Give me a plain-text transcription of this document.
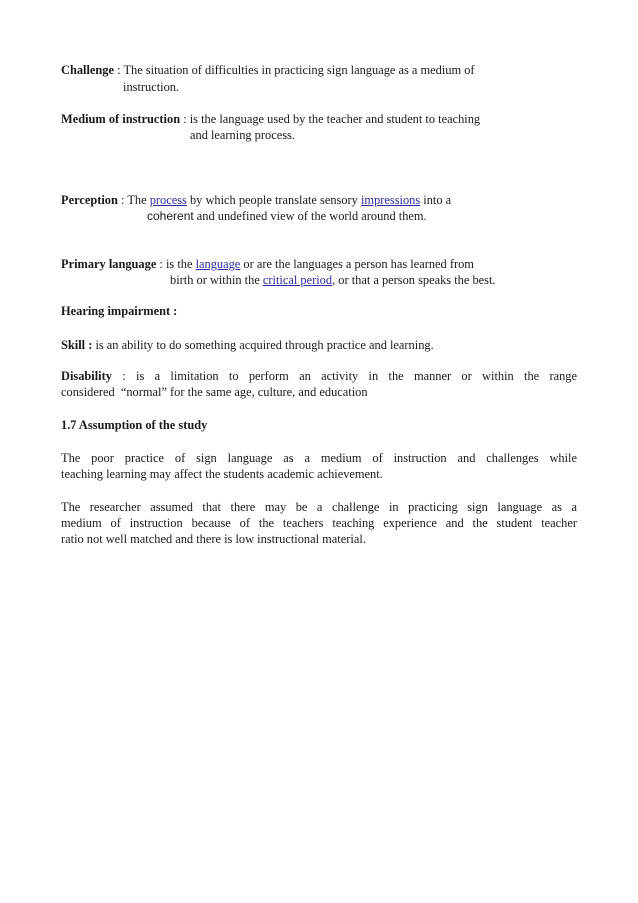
Challenge : The situation of difficulties in practicing sign language as a medium of
instruction.
Medium of instruction : is the language used by the teacher and student to teaching
and learning process.
Perception : The process by which people translate sensory impressions into a
coherent and undefined view of the world around them.
Primary language : is the language or are the languages a person has learned from
birth or within the critical period, or that a person speaks the best.
Hearing impairment :
Skill : is an ability to do something acquired through practice and learning.
Disability : is a limitation to perform an activity in the manner or within the range
considered  “normal” for the same age, culture, and education
1.7 Assumption of the study
The poor practice of sign language as a medium of instruction and challenges while
teaching learning may affect the students academic achievement.
The researcher assumed that there may be a challenge in practicing sign language as a
medium of instruction because of the teachers teaching experience and the student teacher
ratio not well matched and there is low instructional material.
